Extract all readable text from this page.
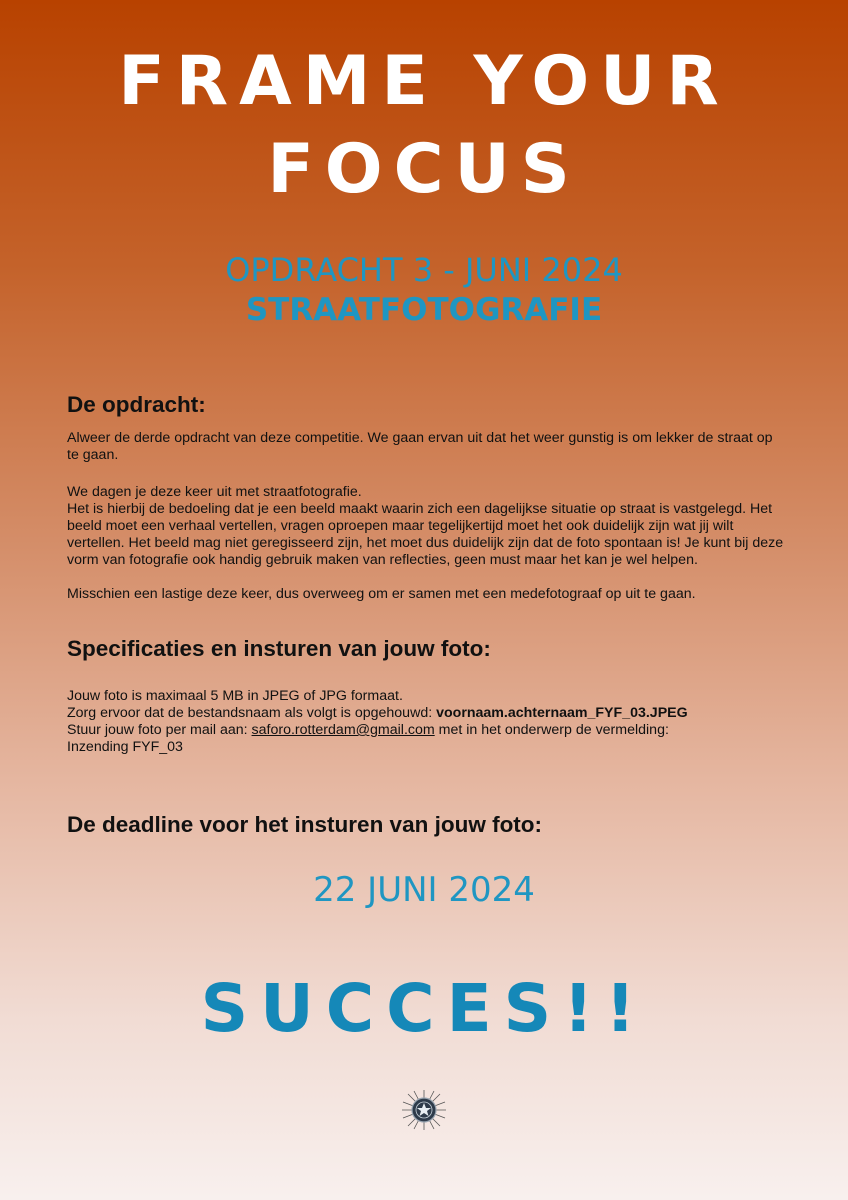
FRAME YOUR
FOCUS
OPDRACHT 3 - JUNI 2024
STRAATFOTOGRAFIE
De opdracht:

Alweer de derde opdracht van deze competitie. We gaan ervan uit dat het weer gunstig is om lekker de straat op te gaan.

We dagen je deze keer uit met straatfotografie.

Het is hierbij de bedoeling dat je een beeld maakt waarin zich een dagelijkse situatie op straat is vastgelegd. Het beeld moet een verhaal vertellen, vragen oproepen maar tegelijkertijd moet het ook duidelijk zijn wat jij wilt vertellen. Het beeld mag niet geregisseerd zijn, het moet dus duidelijk zijn dat de foto spontaan is! Je kunt bij deze vorm van fotografie ook handig gebruik maken van reflecties, geen must maar het kan je wel helpen.

Misschien een lastige deze keer, dus overweeg om er samen met een medefotograaf op uit te gaan.

Specificaties en insturen van jouw foto:

Jouw foto is maximaal 5 MB in JPEG of JPG formaat.

Zorg ervoor dat de bestandsnaam als volgt is opgehouwd: voornaam.achternaam_FYF_03.JPEG

Stuur jouw foto per mail aan: saforo.rotterdam@gmail.com met in het onderwerp de vermelding:

Inzending FYF_03

De deadline voor het insturen van jouw foto:
22 JUNI 2024
SUCCES!!
